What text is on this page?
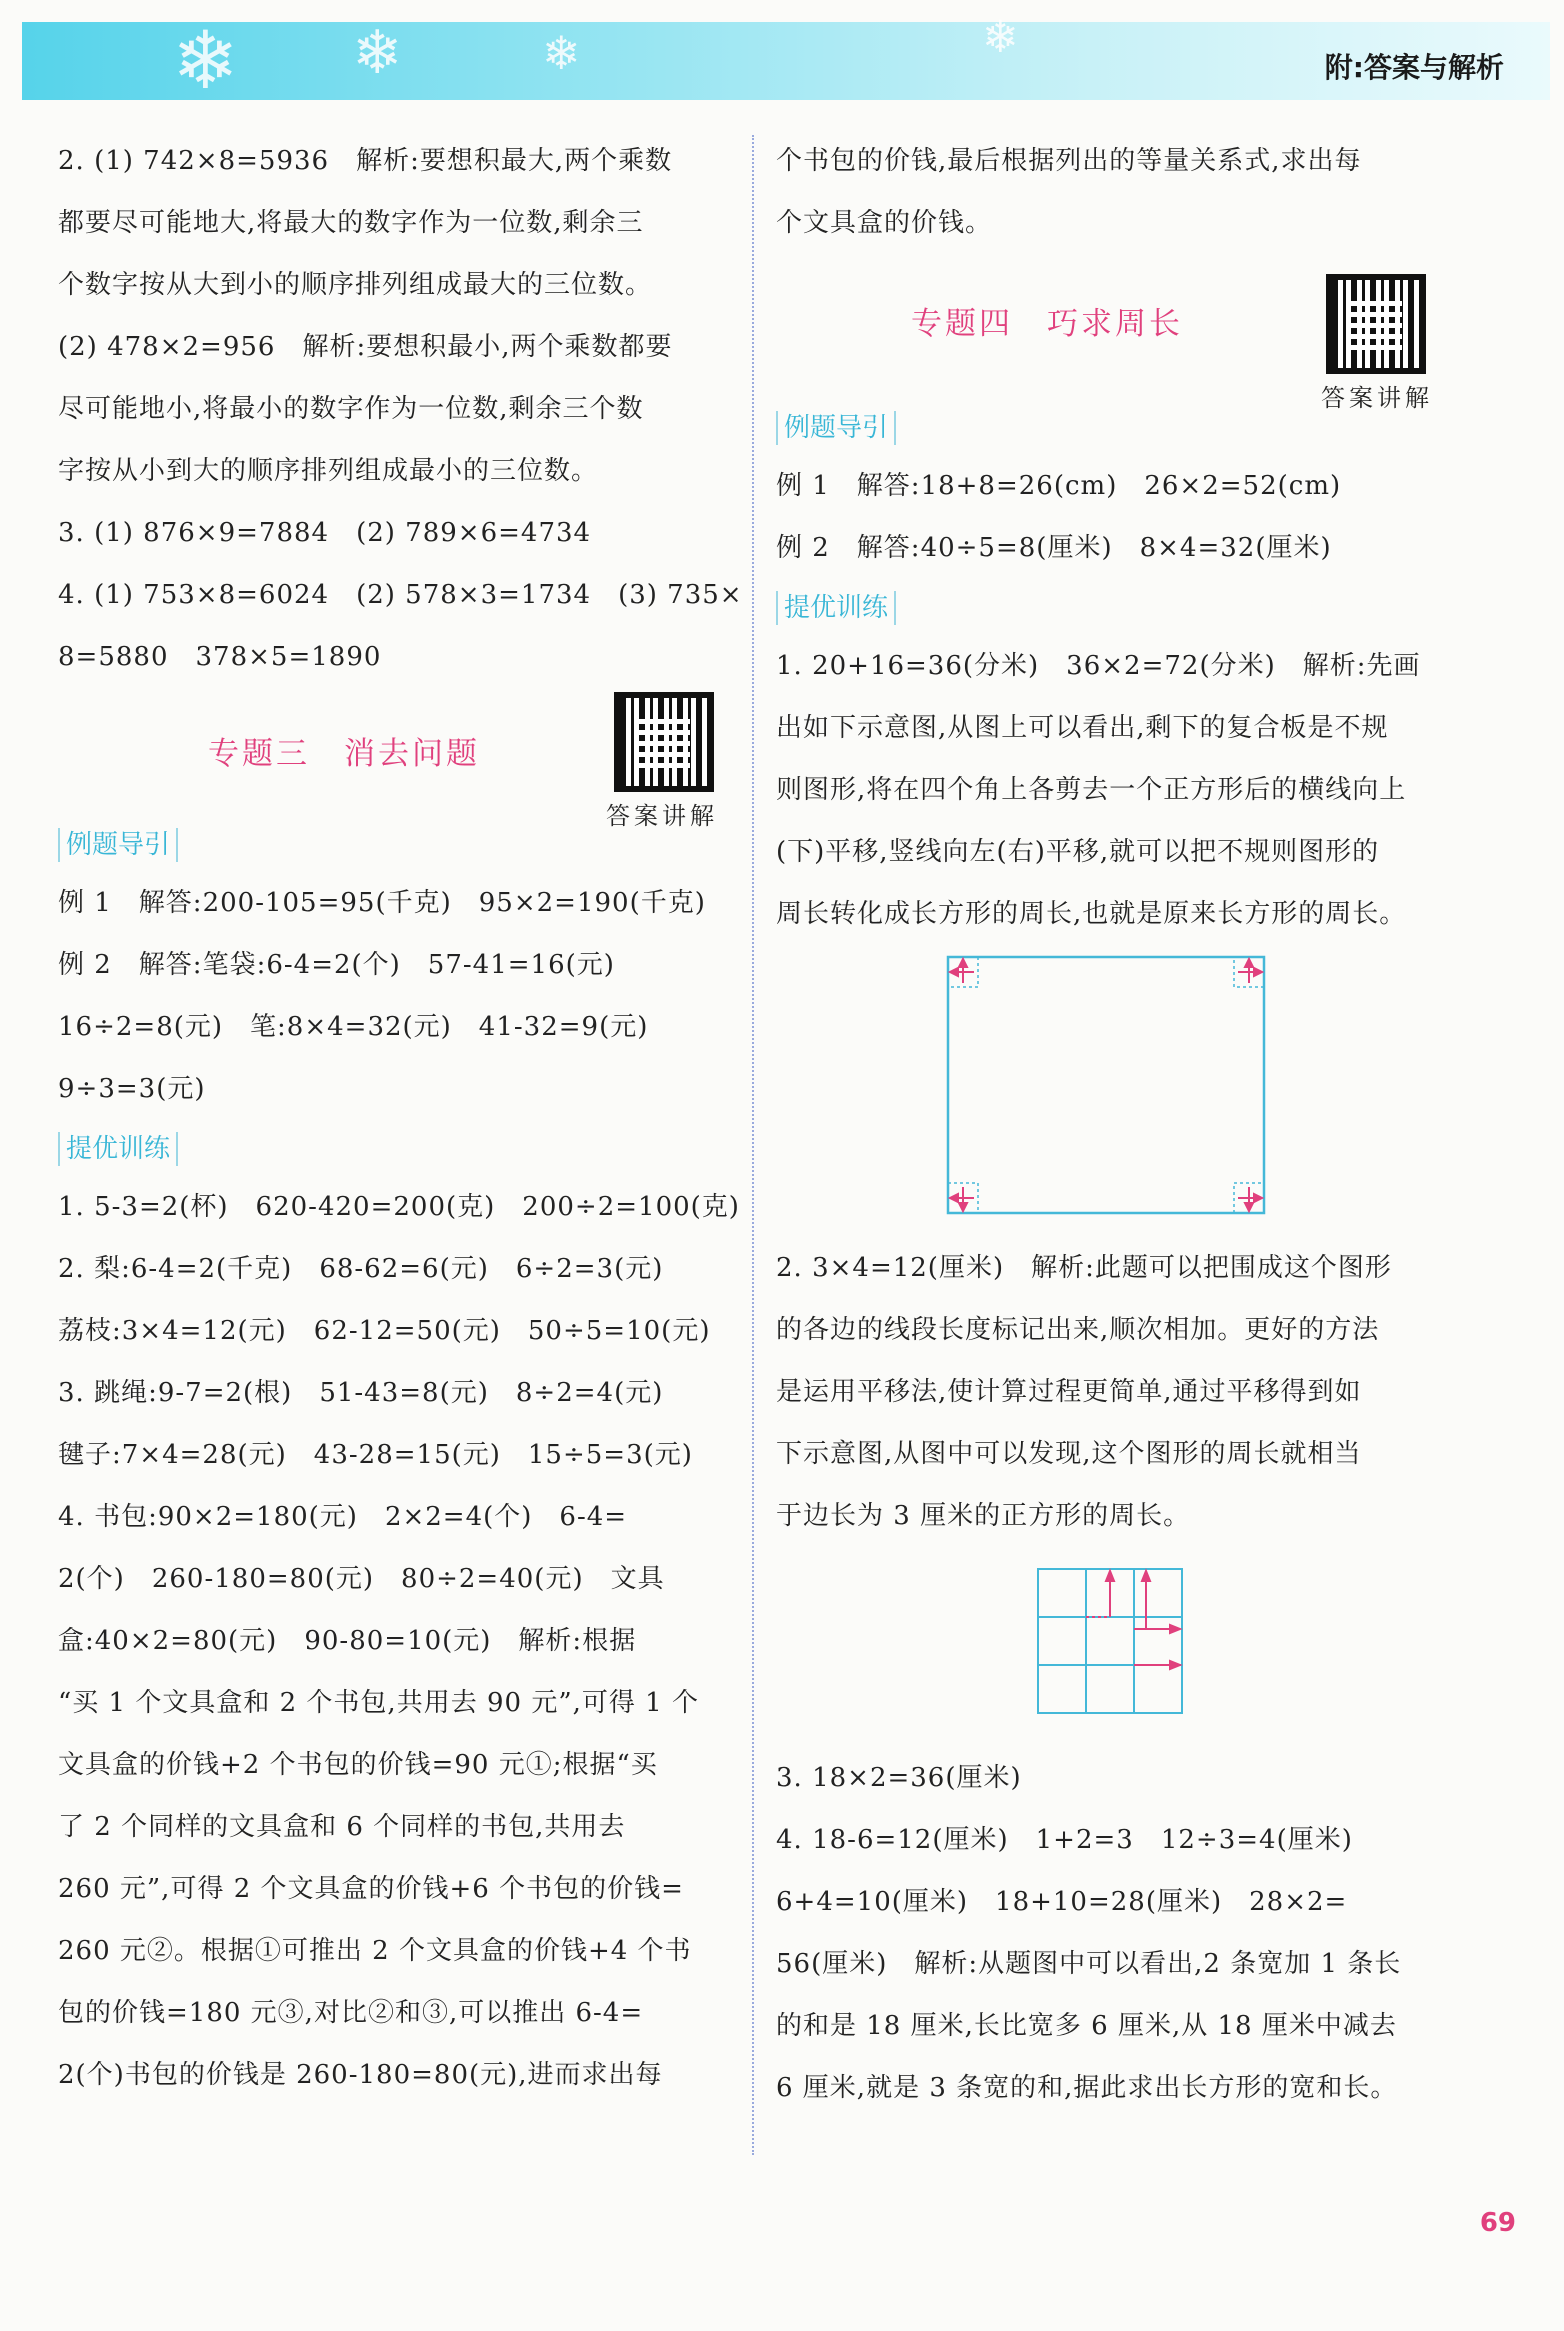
❄ ❄	❄	❄
附:答案与解析

2. (1) 742×8=5936　解析:要想积最大,两个乘数

都要尽可能地大,将最大的数字作为一位数,剩余三

个数字按从大到小的顺序排列组成最大的三位数。

(2) 478×2=956　解析:要想积最小,两个乘数都要

尽可能地小,将最小的数字作为一位数,剩余三个数

字按从小到大的顺序排列组成最小的三位数。

3. (1) 876×9=7884　(2) 789×6=4734

4. (1) 753×8=6024　(2) 578×3=1734　(3) 735×

8=5880　378×5=1890

专题三　消去问题
答案讲解
例题导引

例 1　解答:200-105=95(千克)　95×2=190(千克)

例 2　解答:笔袋:6-4=2(个)　57-41=16(元)

16÷2=8(元)　笔:8×4=32(元)　41-32=9(元)

9÷3=3(元)

提优训练

1. 5-3=2(杯)　620-420=200(克)　200÷2=100(克)

2. 梨:6-4=2(千克)　68-62=6(元)　6÷2=3(元)

荔枝:3×4=12(元)　62-12=50(元)　50÷5=10(元)

3. 跳绳:9-7=2(根)　51-43=8(元)　8÷2=4(元)

毽子:7×4=28(元)　43-28=15(元)　15÷5=3(元)

4. 书包:90×2=180(元)　2×2=4(个)　6-4=

2(个)　260-180=80(元)　80÷2=40(元)　文具

盒:40×2=80(元)　90-80=10(元)　解析:根据

“买 1 个文具盒和 2 个书包,共用去 90 元”,可得 1 个

文具盒的价钱+2 个书包的价钱=90 元①;根据“买

了 2 个同样的文具盒和 6 个同样的书包,共用去

260 元”,可得 2 个文具盒的价钱+6 个书包的价钱=

260 元②。根据①可推出 2 个文具盒的价钱+4 个书

包的价钱=180 元③,对比②和③,可以推出 6-4=

2(个)书包的价钱是 260-180=80(元),进而求出每

个书包的价钱,最后根据列出的等量关系式,求出每

个文具盒的价钱。

专题四　巧求周长
答案讲解
例题导引

例 1　解答:18+8=26(cm)　26×2=52(cm)

例 2　解答:40÷5=8(厘米)　8×4=32(厘米)

提优训练

1. 20+16=36(分米)　36×2=72(分米)　解析:先画

出如下示意图,从图上可以看出,剩下的复合板是不规

则图形,将在四个角上各剪去一个正方形后的横线向上

(下)平移,竖线向左(右)平移,就可以把不规则图形的

周长转化成长方形的周长,也就是原来长方形的周长。

2. 3×4=12(厘米)　解析:此题可以把围成这个图形

的各边的线段长度标记出来,顺次相加。更好的方法

是运用平移法,使计算过程更简单,通过平移得到如

下示意图,从图中可以发现,这个图形的周长就相当

于边长为 3 厘米的正方形的周长。

3. 18×2=36(厘米)

4. 18-6=12(厘米)　1+2=3　12÷3=4(厘米)

6+4=10(厘米)　18+10=28(厘米)　28×2=

56(厘米)　解析:从题图中可以看出,2 条宽加 1 条长

的和是 18 厘米,长比宽多 6 厘米,从 18 厘米中减去

6 厘米,就是 3 条宽的和,据此求出长方形的宽和长。

69
